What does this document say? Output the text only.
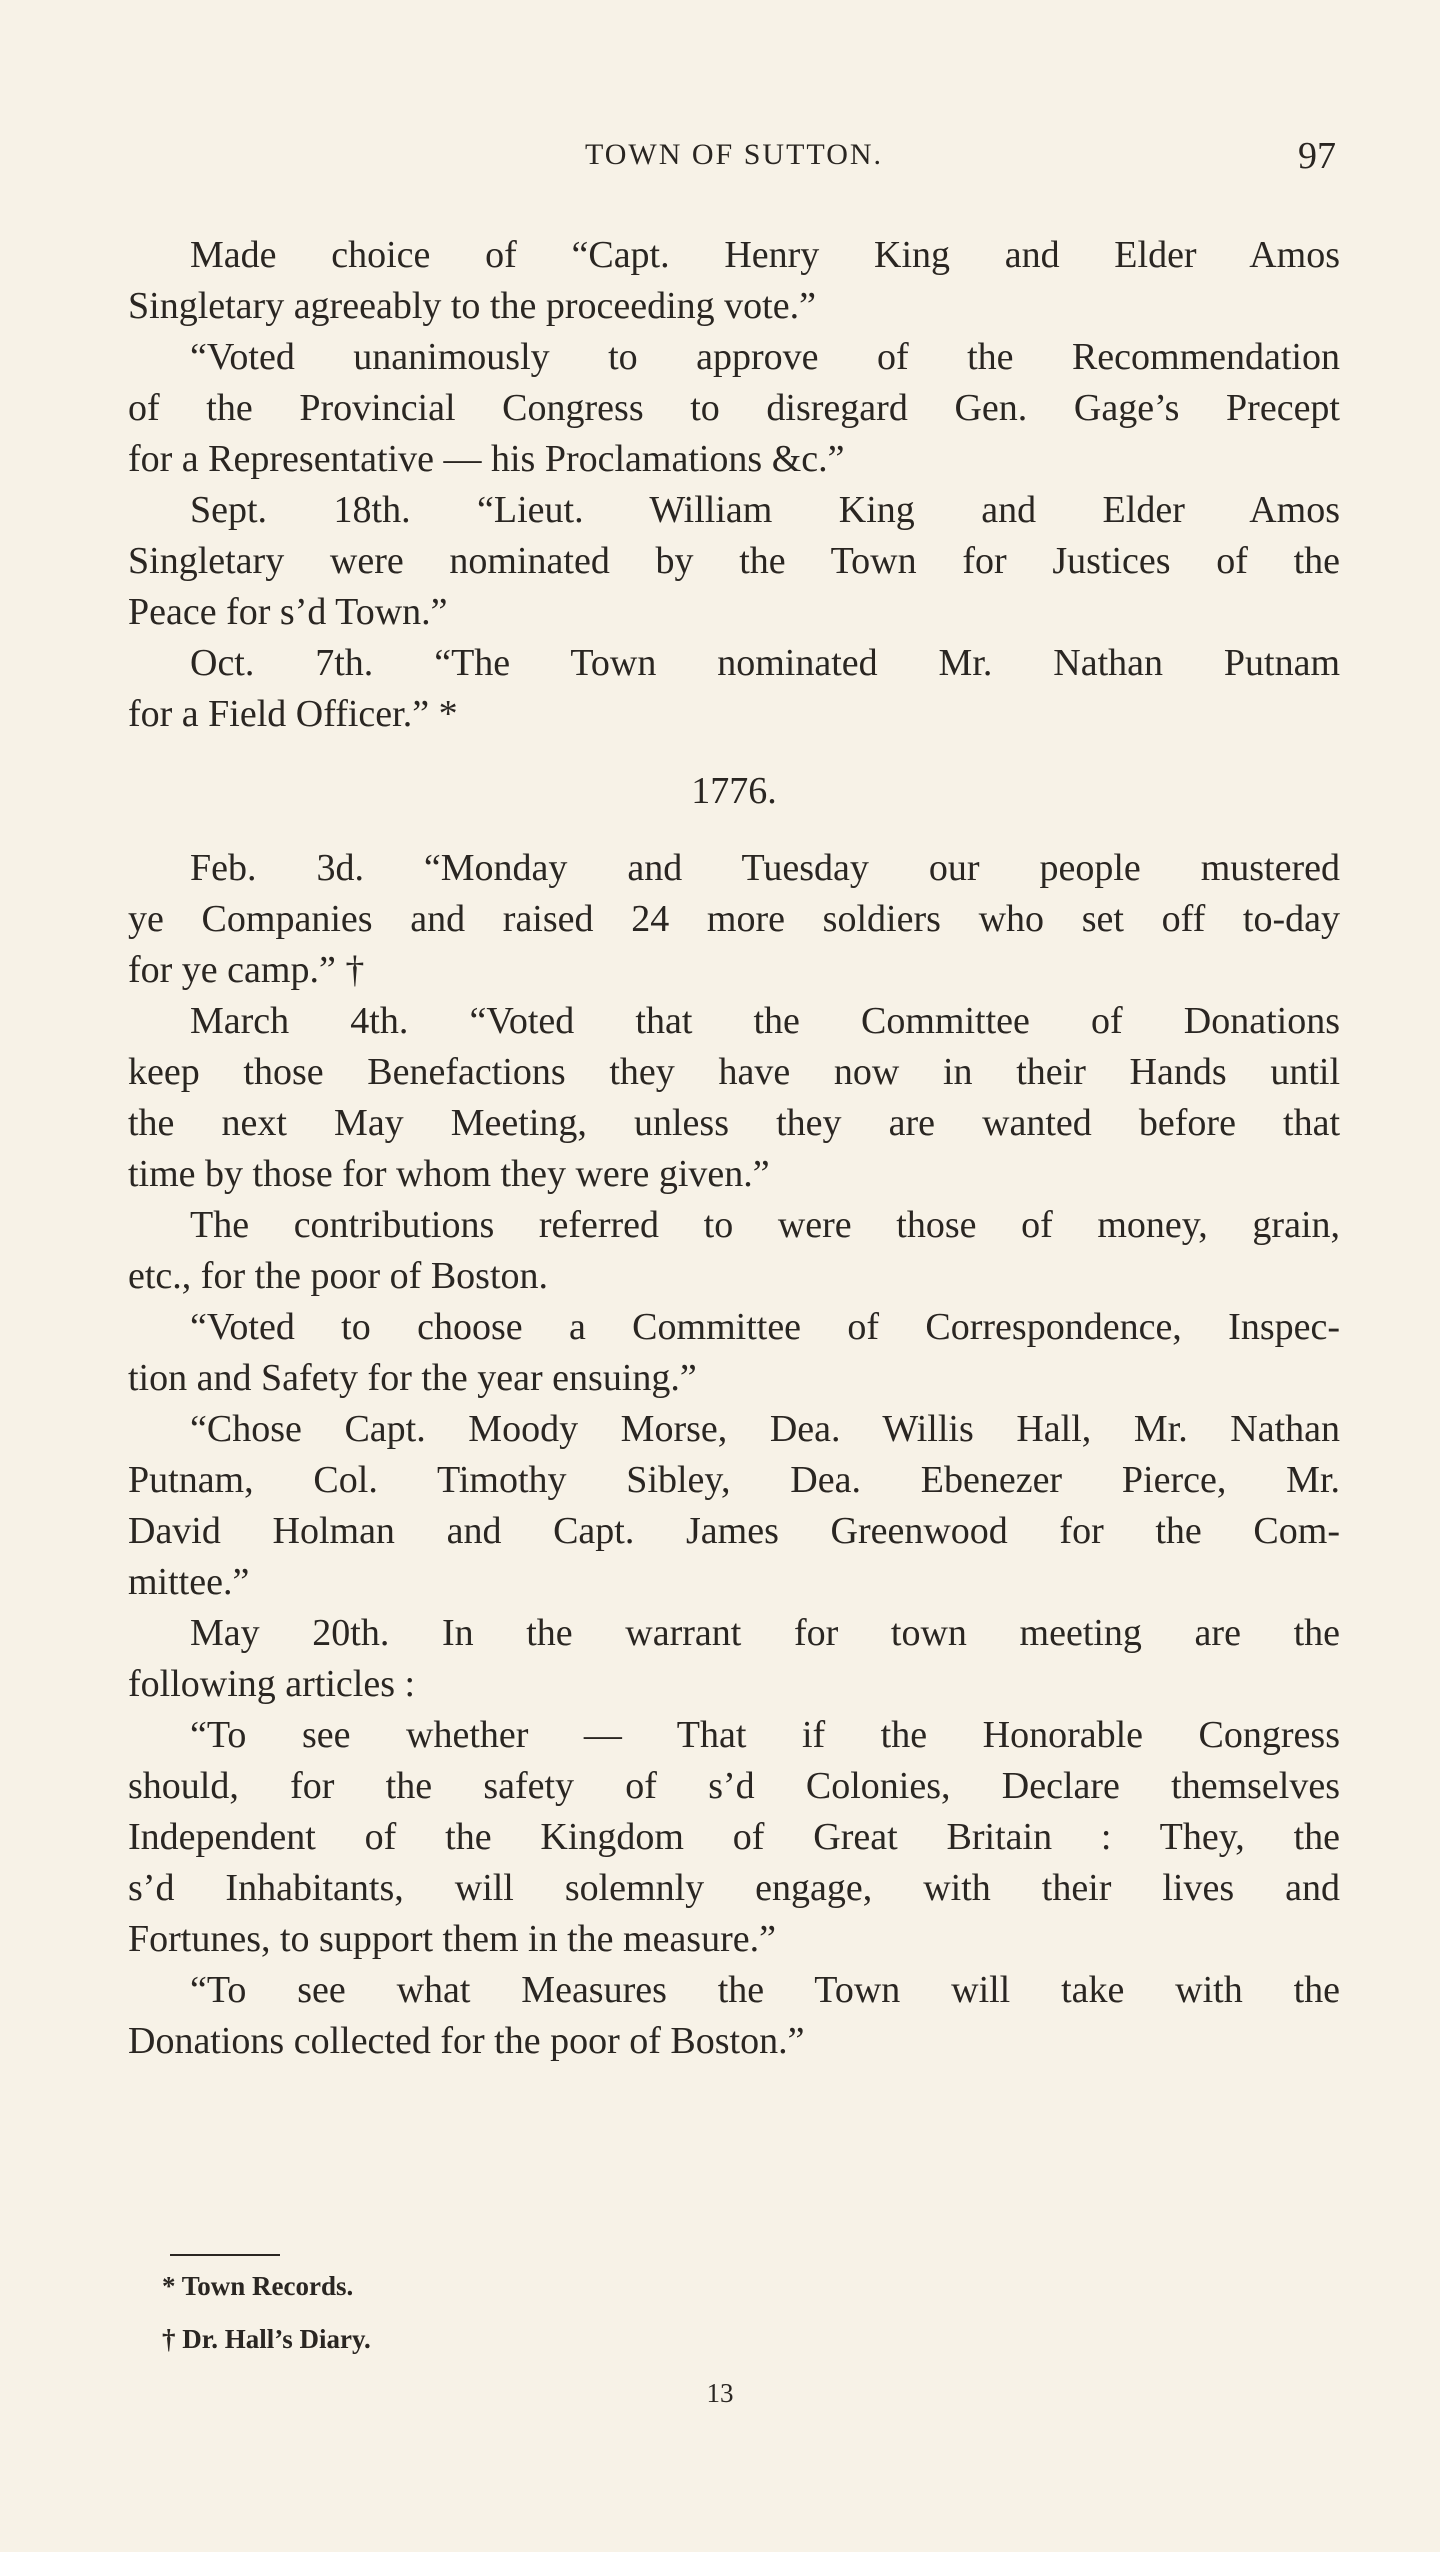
TOWN OF SUTTON.	97
Made choice of “Capt. Henry King and Elder Amos
Singletary agreeably to the proceeding vote.”
“Voted unanimously to approve of the Recommendation
of the Provincial Congress to disregard Gen. Gage’s Precept
for a Representative — his Proclamations &c.”
Sept. 18th. “Lieut. William King and Elder Amos
Singletary were nominated by the Town for Justices of the
Peace for s’d Town.”
Oct. 7th. “The Town nominated Mr. Nathan Putnam
for a Field Officer.” *
1776.
Feb. 3d. “Monday and Tuesday our people mustered
ye Companies and raised 24 more soldiers who set off to-day
for ye camp.” †
March 4th. “Voted that the Committee of Donations
keep those Benefactions they have now in their Hands until
the next May Meeting, unless they are wanted before that
time by those for whom they were given.”
The contributions referred to were those of money, grain,
etc., for the poor of Boston.
“Voted to choose a Committee of Correspondence, Inspec-
tion and Safety for the year ensuing.”
“Chose Capt. Moody Morse, Dea. Willis Hall, Mr. Nathan
Putnam, Col. Timothy Sibley, Dea. Ebenezer Pierce, Mr.
David Holman and Capt. James Greenwood for the Com-
mittee.”
May 20th. In the warrant for town meeting are the
following articles :
“To see whether — That if the Honorable Congress
should, for the safety of s’d Colonies, Declare themselves
Independent of the Kingdom of Great Britain : They, the
s’d Inhabitants, will solemnly engage, with their lives and
Fortunes, to support them in the measure.”
“To see what Measures the Town will take with the
Donations collected for the poor of Boston.”
* Town Records.
† Dr. Hall’s Diary.
13
